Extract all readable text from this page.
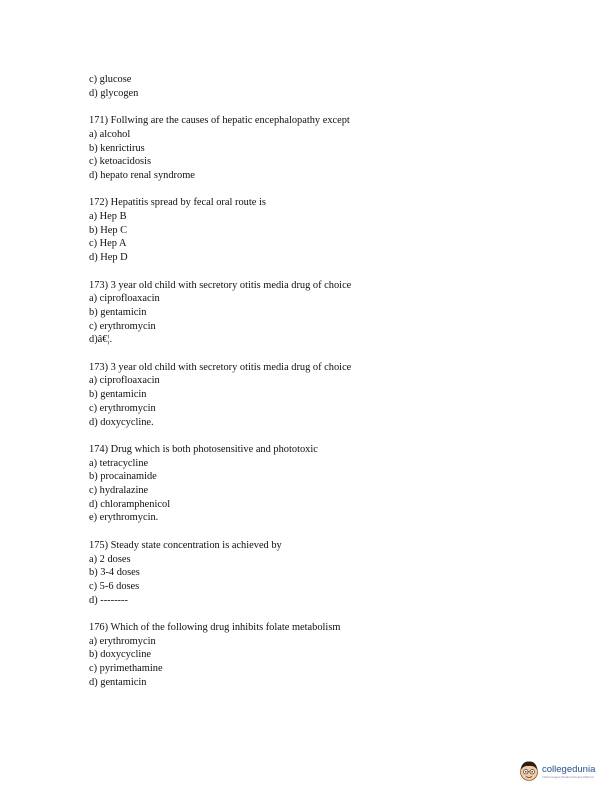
c) glucose
d) glycogen
171) Follwing are the causes of hepatic encephalopathy except
a) alcohol
b) kenrictirus
c) ketoacidosis
d) hepato renal syndrome
172) Hepatitis spread by fecal oral route is
a) Hep B
b) Hep C
c) Hep A
d) Hep D
173) 3 year old child with secretory otitis media drug of choice
a) ciprofloaxacin
b) gentamicin
c) erythromycin
d)â€¦.
173) 3 year old child with secretory otitis media drug of choice
a) ciprofloaxacin
b) gentamicin
c) erythromycin
d) doxycycline.
174) Drug which is both photosensitive and phototoxic
a) tetracycline
b) procainamide
c) hydralazine
d) chloramphenicol
e) erythromycin.
175) Steady state concentration is achieved by
a) 2 doses
b) 3-4 doses
c) 5-6 doses
d) --------
176) Which of the following drug inhibits folate metabolism
a) erythromycin
b) doxycycline
c) pyrimethamine
d) gentamicin
collegedunia
India's largest Student Review Platform
